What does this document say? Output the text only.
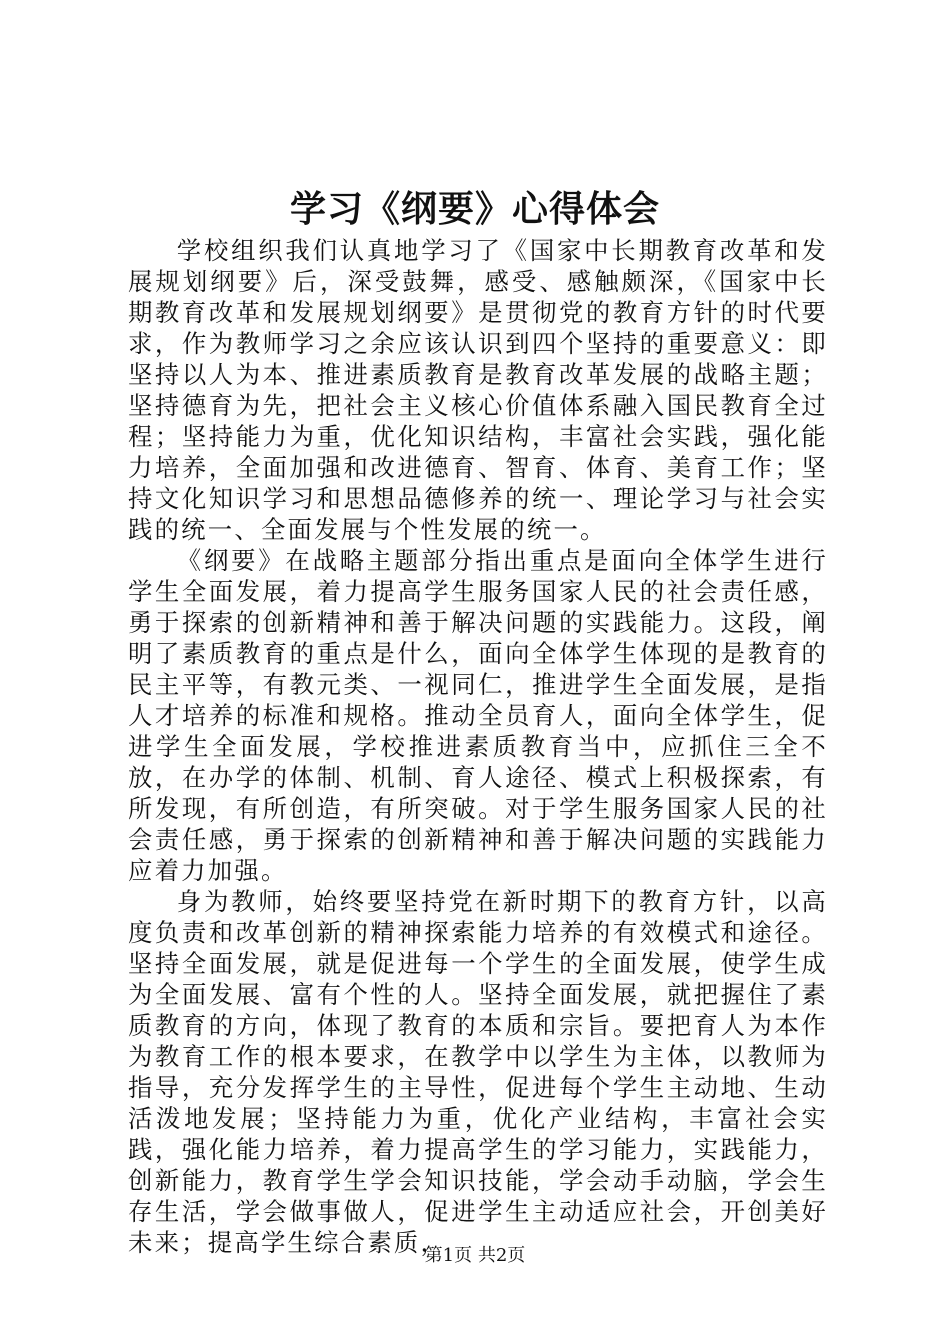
学习《纲要》心得体会

学校组织我们认真地学习了《国家中长期教育改革和发展规划纲要》后，深受鼓舞，感受、感触颇深，《国家中长期教育改革和发展规划纲要》是贯彻党的教育方针的时代要求，作为教师学习之余应该认识到四个坚持的重要意义：即坚持以人为本、推进素质教育是教育改革发展的战略主题；坚持德育为先，把社会主义核心价值体系融入国民教育全过程；坚持能力为重，优化知识结构，丰富社会实践，强化能力培养，全面加强和改进德育、智育、体育、美育工作；坚持文化知识学习和思想品德修养的统一、理论学习与社会实践的统一、全面发展与个性发展的统一。

《纲要》在战略主题部分指出重点是面向全体学生进行学生全面发展，着力提高学生服务国家人民的社会责任感，勇于探索的创新精神和善于解决问题的实践能力。这段，阐明了素质教育的重点是什么，面向全体学生体现的是教育的民主平等，有教元类、一视同仁，推进学生全面发展，是指人才培养的标准和规格。推动全员育人，面向全体学生，促进学生全面发展，学校推进素质教育当中，应抓住三全不放，在办学的体制、机制、育人途径、模式上积极探索，有所发现，有所创造，有所突破。对于学生服务国家人民的社会责任感，勇于探索的创新精神和善于解决问题的实践能力应着力加强。

身为教师，始终要坚持党在新时期下的教育方针，以高度负责和改革创新的精神探索能力培养的有效模式和途径。坚持全面发展，就是促进每一个学生的全面发展，使学生成为全面发展、富有个性的人。坚持全面发展，就把握住了素质教育的方向，体现了教育的本质和宗旨。要把育人为本作为教育工作的根本要求，在教学中以学生为主体，以教师为指导，充分发挥学生的主导性，促进每个学生主动地、生动活泼地发展；坚持能力为重，优化产业结构，丰富社会实践，强化能力培养，着力提高学生的学习能力，实践能力，创新能力，教育学生学会知识技能，学会动手动脑，学会生存生活，学会做事做人，促进学生主动适应社会，开创美好未来；提高学生综合素质，

第1页 共2页
